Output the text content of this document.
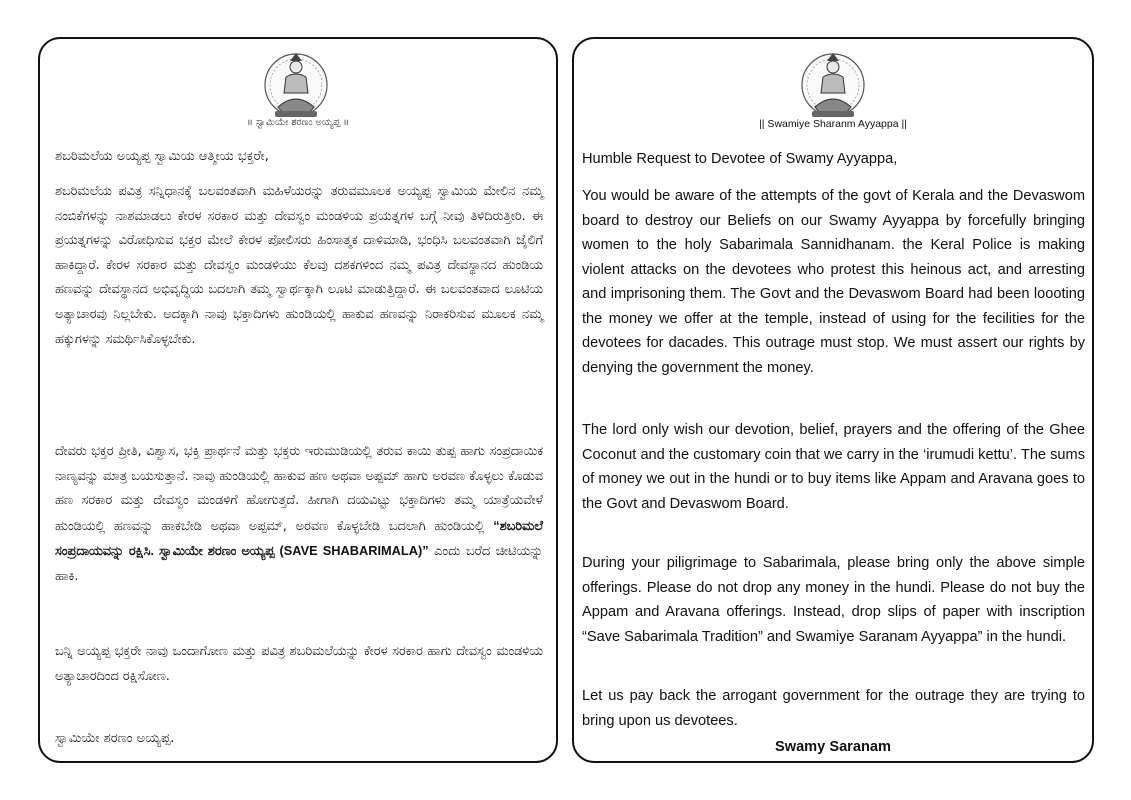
॥ ಸ್ವಾಮಿಯೇ ಶರಣಂ ಅಯ್ಯಪ್ಪ ॥
ಶಬರಿಮಲೆಯ ಅಯ್ಯಪ್ಪ ಸ್ವಾಮಿಯ ಆತ್ಮೀಯ ಭಕ್ತರೇ,

ಶಬರಿಮಲೆಯ ಪವಿತ್ರ ಸನ್ನಿಧಾನಕ್ಕೆ ಬಲವಂತವಾಗಿ ಮಹಿಳೆಯರನ್ನು ತರುವಮೂಲಕ ಅಯ್ಯಪ್ಪ ಸ್ವಾಮಿಯ ಮೇಲಿನ ನಮ್ಮ ನಂಬಿಕೆಗಳನ್ನು ನಾಶಮಾಡಲು ಕೇರಳ ಸರಕಾರ ಮತ್ತು ದೇವಸ್ವಂ ಮಂಡಳಿಯ ಪ್ರಯತ್ನಗಳ ಬಗ್ಗೆ ನೀವು ತಿಳಿದಿರುತ್ತೀರಿ. ಈ ಪ್ರಯತ್ನಗಳನ್ನು ವಿರೋಧಿಸುವ ಭಕ್ತರ ಮೇಲೆ ಕೇರಳ ಪೋಲಿಸರು ಹಿಂಸಾತ್ಮಕ ದಾಳಿಮಾಡಿ, ಭಂಧಿಸಿ ಬಲವಂತವಾಗಿ ಜೈಲಿಗೆ ಹಾಕಿದ್ದಾರೆ. ಕೇರಳ ಸರಕಾರ ಮತ್ತು ದೇವಸ್ವಂ ಮಂಡಳಿಯು ಕೆಲವು ದಶಕಗಳಿಂದ ನಮ್ಮ ಪವಿತ್ರ ದೇವಸ್ಥಾನದ ಹುಂಡಿಯ ಹಣವನ್ನು ದೇವಸ್ಥಾನದ ಅಭಿವೃದ್ಧಿಯ ಬದಲಾಗಿ ತಮ್ಮ ಸ್ವಾರ್ಥಕ್ಕಾಗಿ ಲೂಟಿ ಮಾಡುತ್ತಿದ್ದಾರೆ. ಈ ಬಲವಂತವಾದ ಲೂಟಿಯ ಅತ್ಯಾಚಾರವು ನಿಲ್ಲಬೇಕು. ಅದಕ್ಕಾಗಿ ನಾವು ಭಕ್ತಾದಿಗಳು ಹುಂಡಿಯಲ್ಲಿ ಹಾಕುವ ಹಣವನ್ನು ನಿರಾಕರಿಸುವ ಮೂಲಕ ನಮ್ಮ ಹಕ್ಕುಗಳನ್ನು ಸಮರ್ಥಿಸಿಕೊಳ್ಳಬೇಕು.

ದೇವರು ಭಕ್ತರ ಪ್ರೀತಿ, ವಿಶ್ವಾಸ, ಭಕ್ತಿ ಪ್ರಾರ್ಥನೆ ಮತ್ತು ಭಕ್ತರು ಇರುಮುಡಿಯಲ್ಲಿ ತರುವ ಕಾಯಿ ತುಪ್ಪ ಹಾಗು ಸಂಪ್ರದಾಯಿಕ ನಾಣ್ಯವನ್ನು ಮಾತ್ರ ಬಯಸುತ್ತಾನೆ. ನಾವು ಹುಂಡಿಯಲ್ಲಿ ಹಾಕುವ ಹಣ ಅಥವಾ ಅಪ್ಪಮ್ ಹಾಗು ಅರವಣ ಕೊಳ್ಳಲು ಕೊಡುವ ಹಣ ಸರಕಾರ ಮತ್ತು ದೇವಸ್ವಂ ಮಂಡಳಿಗೆ ಹೋಗುತ್ತದೆ. ಹೀಗಾಗಿ ದಯವಿಟ್ಟು ಭಕ್ತಾದಿಗಳು ತಮ್ಮ ಯಾತ್ರೆಯವೇಳೆ ಹುಂಡಿಯಲ್ಲಿ ಹಣವನ್ನು ಹಾಕಬೇಡಿ ಅಥವಾ ಅಪ್ಪಮ್, ಅರವಣ ಕೊಳ್ಳಬೇಡಿ ಬದಲಾಗಿ ಹುಂಡಿಯಲ್ಲಿ “ಶಬರಿಮಲೆ ಸಂಪ್ರದಾಯವನ್ನು ರಕ್ಷಿಸಿ. ಸ್ವಾಮಿಯೇ ಶರಣಂ ಅಯ್ಯಪ್ಪ (SAVE SHABARIMALA)” ಎಂದು ಬರೆದ ಚೀಟಿಯನ್ನು ಹಾಕಿ.

ಬನ್ನಿ ಅಯ್ಯಪ್ಪ ಭಕ್ತರೇ ನಾವು ಒಂದಾಗೋಣ ಮತ್ತು ಪವಿತ್ರ ಶಬರಿಮಲೆಯನ್ನು ಕೇರಳ ಸರಕಾರ ಹಾಗು ದೇವಸ್ವಂ ಮಂಡಳಿಯ ಅತ್ಯಾಚಾರದಿಂದ ರಕ್ಷಿಸೋಣ.

ಸ್ವಾಮಿಯೇ ಶರಣಂ ಅಯ್ಯಪ್ಪ.
|| Swamiye Sharanm Ayyappa ||
Humble Request to Devotee of Swamy Ayyappa,

You would be aware of the attempts of the govt of Kerala and the Devaswom board to destroy our Beliefs on our Swamy Ayyappa by forcefully bringing women to the holy Sabarimala Sannidhanam. the Keral Police is making violent attacks on the devotees who protest this heinous act, and arresting and imprisoning them. The Govt and the Devaswom Board had been loooting the money we offer at the temple, instead of using for the fecilities for the devotees for dacades. This outrage must stop. We must assert our rights by denying the government the money.

The lord only wish our devotion, belief, prayers and the offering of the Ghee Coconut and the customary coin that we carry in the ‘irumudi kettu’. The sums of money we out in the hundi or to buy items like Appam and Aravana goes to the Govt and Devaswom Board.

During your piligrimage to Sabarimala, please bring only the above simple offerings. Please do not drop any money in the hundi. Please do not buy the Appam and Aravana offerings. Instead, drop slips of paper with inscription “Save Sabarimala Tradition” and Swamiye Saranam Ayyappa” in the hundi.

Let us pay back the arrogant government for the outrage they are trying to bring upon us devotees.

Swamy Saranam
